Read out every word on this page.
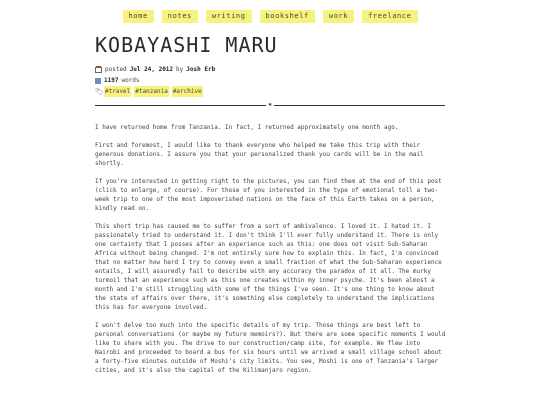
home	notes	writing	bookshelf	work	freelance
KOBAYASHI MARU
posted Jul 24, 2012 by Josh Erb
1197 words
🏷 #travel #tanzania #archive
★

I have returned home from Tanzania. In fact, I returned approximately one month ago.

First and foremost, I would like to thank everyone who helped me take this trip with their generous donations. I assure you that your personalized thank you cards will be in the mail shortly.

If you're interested in getting right to the pictures, you can find them at the end of this post (click to enlarge, of course). For those of you interested in the type of emotional toll a two-week trip to one of the most impoverished nations on the face of this Earth takes on a person, kindly read on.

This short trip has caused me to suffer from a sort of ambivalence. I loved it. I hated it. I passionately tried to understand it. I don't think I'll ever fully understand it. There is only one certainty that I posses after an experience such as this: one does not visit Sub-Saharan Africa without being changed. I'm not entirely sure how to explain this. In fact, I'm convinced that no matter how hard I try to convey even a small fraction of what the Sub-Saharan experience entails, I will assuredly fail to describe with any accuracy the paradox of it all. The murky turmoil that an experience such as this one creates within my inner psyche. It's been almost a month and I'm still struggling with some of the things I've seen. It's one thing to know about the state of affairs over there, it's something else completely to understand the implications this has for everyone involved.

I won't delve too much into the specific details of my trip. Those things are best left to personal conversations (or maybe my future memoirs?). But there are some specific moments I would like to share with you. The drive to our construction/camp site, for example. We flew into Nairobi and proceeded to board a bus for six hours until we arrived a small village school about a forty-five minutes outside of Moshi's city limits. You see, Moshi is one of Tanzania's larger cities, and it's also the capital of the Kilimanjaro region.
